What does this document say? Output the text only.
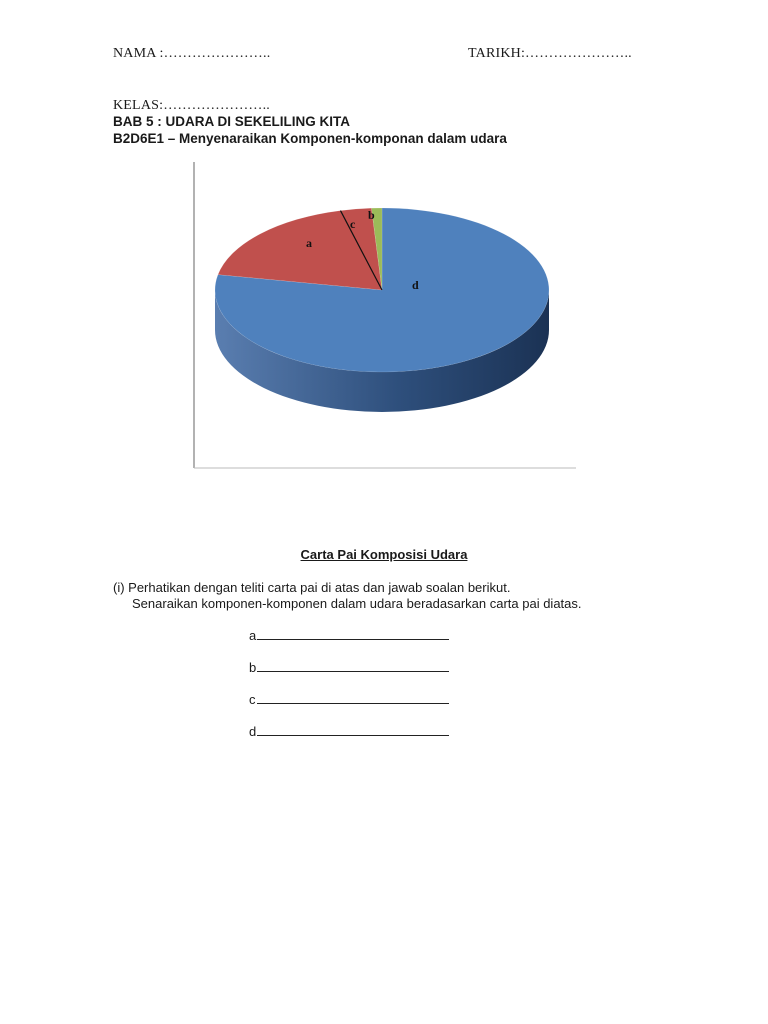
NAMA :…………………..	TARIKH:…………………..
KELAS:…………………..
BAB 5 : UDARA DI SEKELILING KITA
B2D6E1 – Menyenaraikan Komponen-komponan dalam udara
d
a
c
b
Carta Pai Komposisi Udara
(i) Perhatikan dengan teliti carta pai di atas dan jawab soalan berikut.
Senaraikan komponen-komponen dalam udara beradasarkan carta pai diatas.
a
b
c
d
